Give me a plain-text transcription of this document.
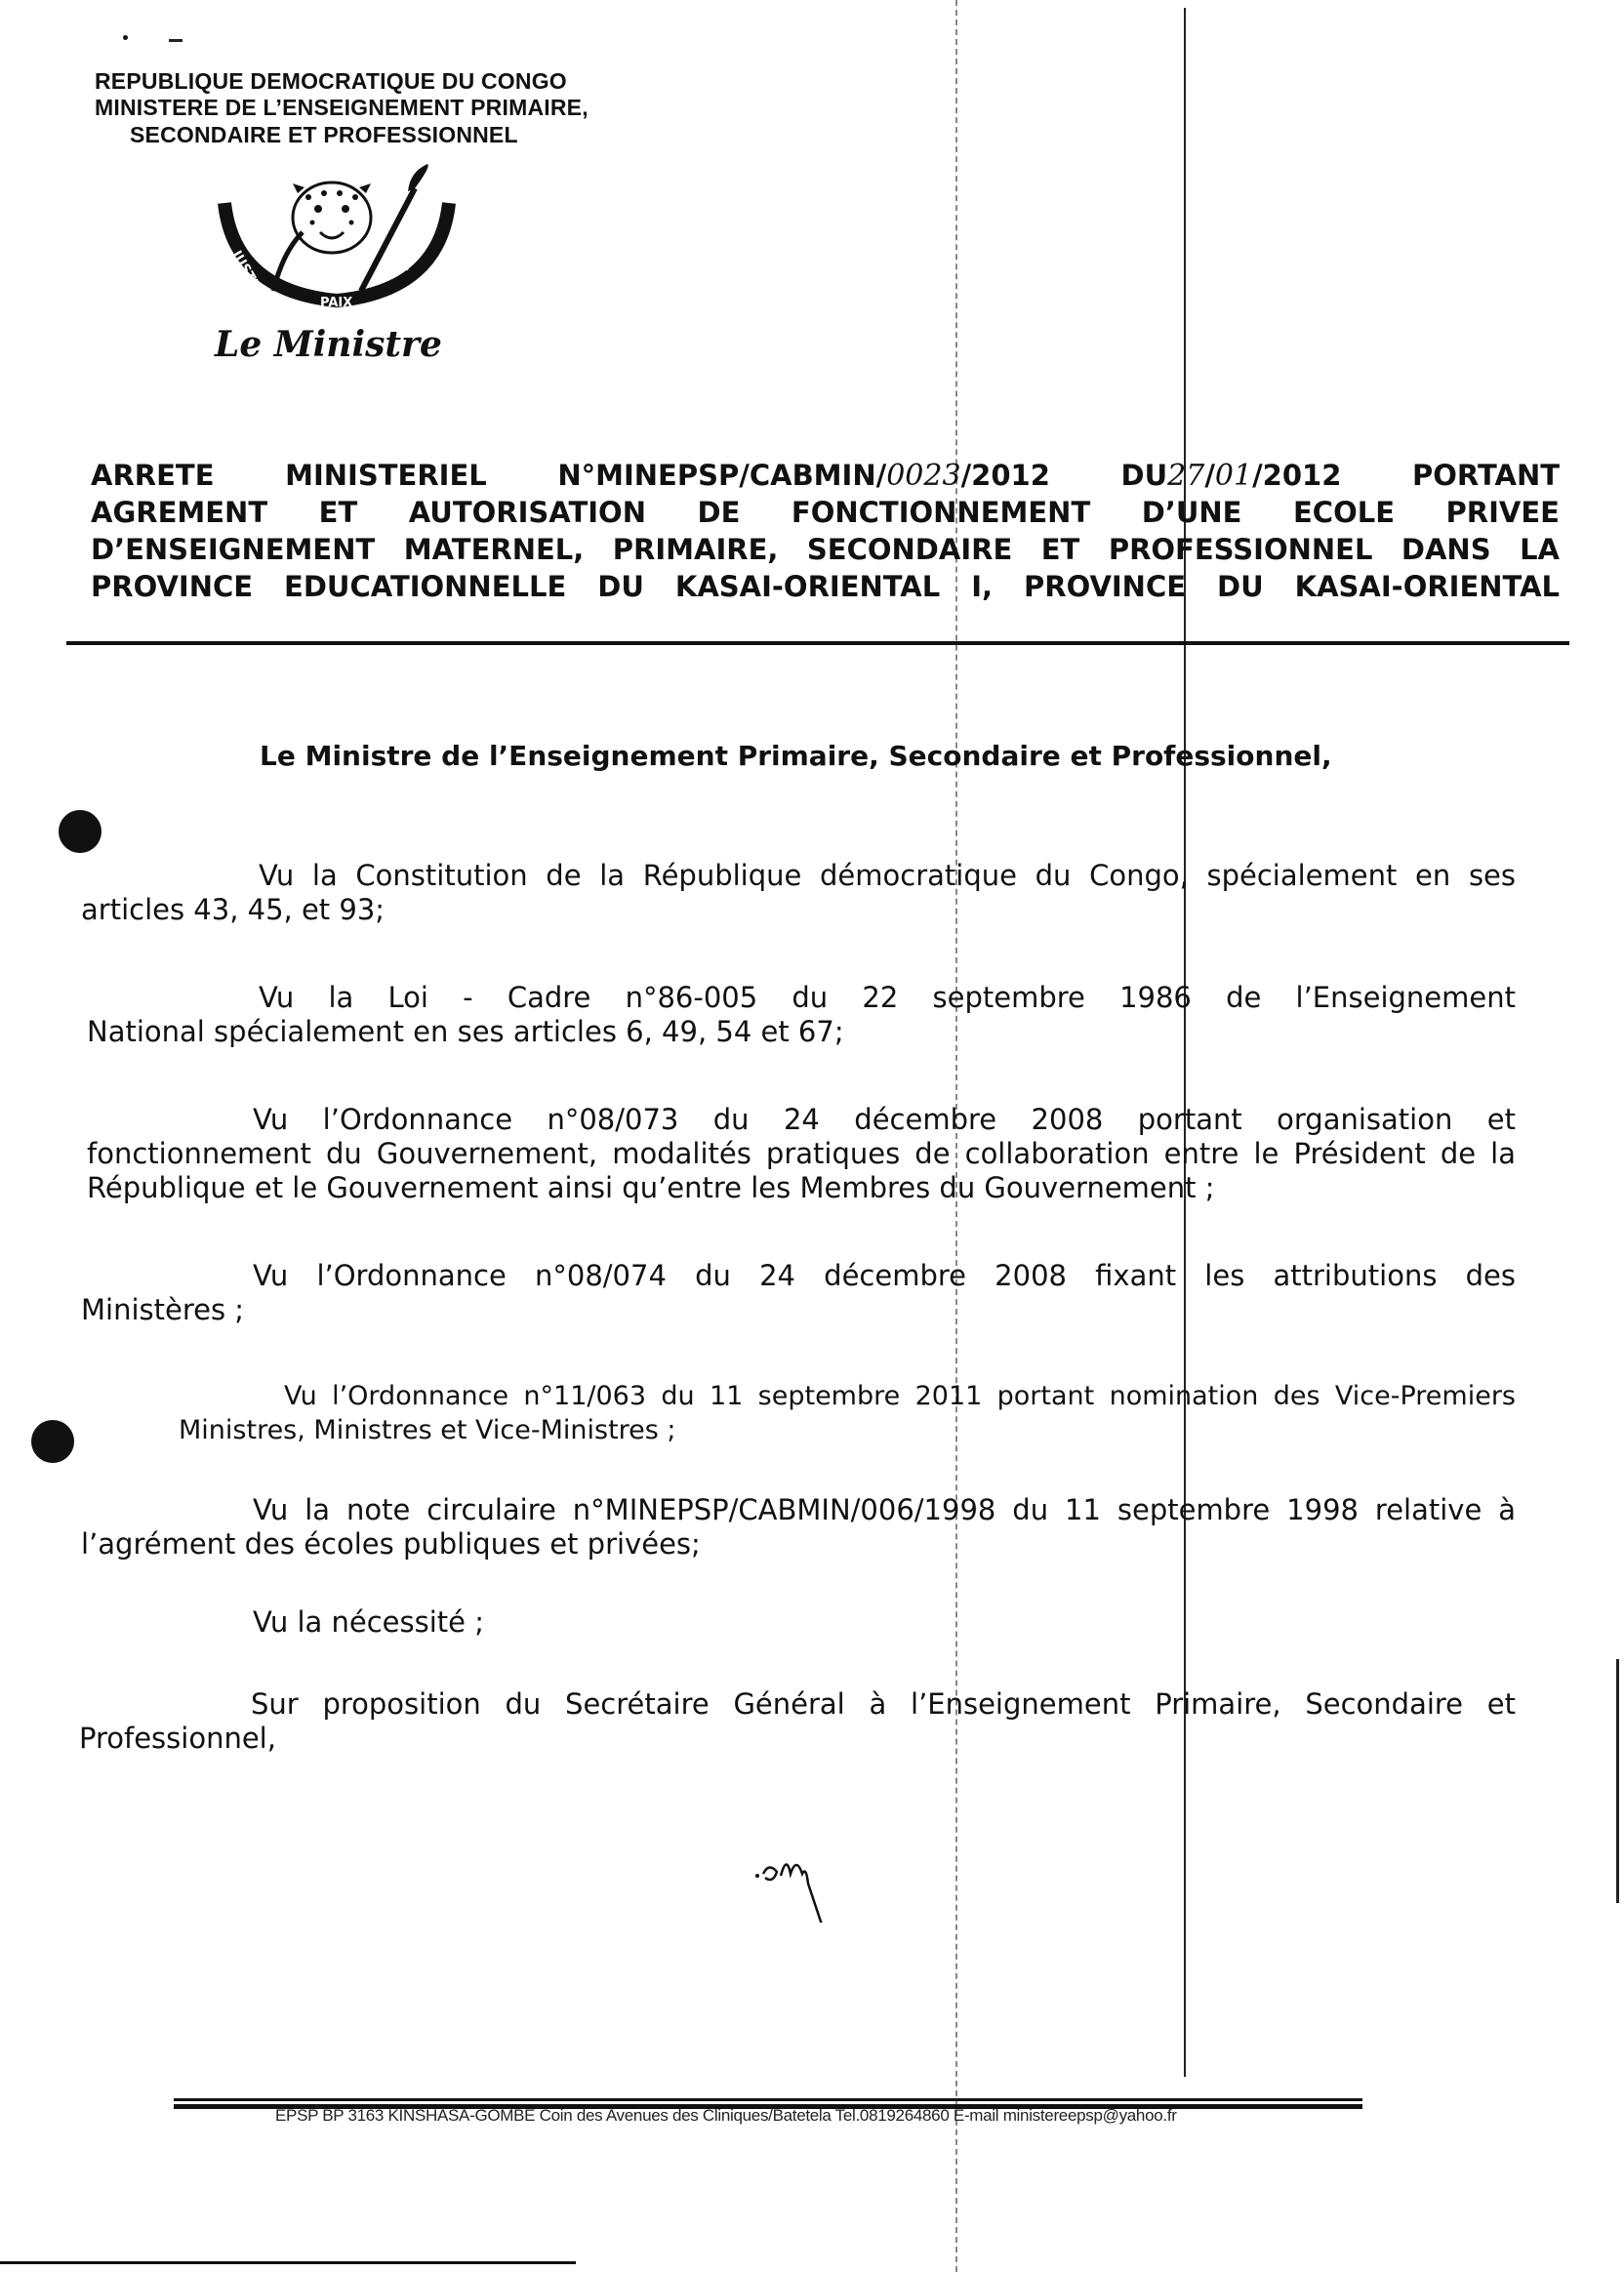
REPUBLIQUE DEMOCRATIQUE DU CONGO
MINISTERE DE L’ENSEIGNEMENT PRIMAIRE,
SECONDAIRE ET PROFESSIONNEL
JUSTICE	PAIX
TRAVAIL
Le Ministre
ARRETE MINISTERIEL N°MINEPSP/CABMIN/0023/2012 DU27/01/2012 PORTANT
AGREMENT ET AUTORISATION DE FONCTIONNEMENT D’UNE ECOLE PRIVEE
D’ENSEIGNEMENT MATERNEL, PRIMAIRE, SECONDAIRE ET PROFESSIONNEL DANS LA
PROVINCE EDUCATIONNELLE DU KASAI-ORIENTAL I, PROVINCE DU KASAI-ORIENTAL
Le Ministre de l’Enseignement Primaire, Secondaire et Professionnel,
Vu la Constitution de la République démocratique du Congo, spécialement en ses
articles 43, 45, et 93;
Vu la Loi - Cadre n°86-005 du 22 septembre 1986 de l’Enseignement
National spécialement en ses articles 6, 49, 54 et 67;
Vu l’Ordonnance n°08/073 du 24 décembre 2008 portant organisation et
fonctionnement du Gouvernement, modalités pratiques de collaboration entre le Président de la
République et le Gouvernement ainsi qu’entre les Membres du Gouvernement ;
Vu l’Ordonnance n°08/074 du 24 décembre 2008 fixant les attributions des
Ministères ;
Vu l’Ordonnance n°11/063 du 11 septembre 2011 portant nomination des Vice-Premiers
Ministres, Ministres et Vice-Ministres ;
Vu la note circulaire n°MINEPSP/CABMIN/006/1998 du 11 septembre 1998 relative à
l’agrément des écoles publiques et privées;
Vu la nécessité ;
Sur proposition du Secrétaire Général à l’Enseignement Primaire, Secondaire et
Professionnel,
EPSP BP 3163 KINSHASA-GOMBE Coin des Avenues des Cliniques/Batetela Tel.0819264860 E-mail ministereepsp@yahoo.fr
